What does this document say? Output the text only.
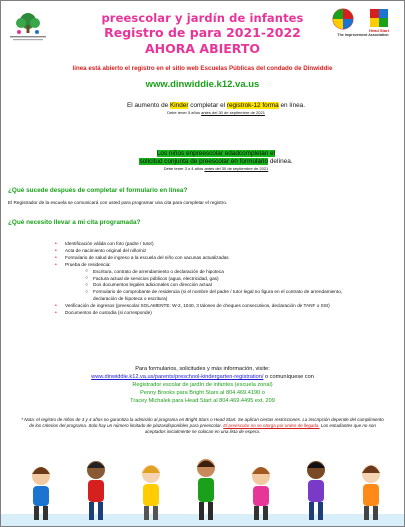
Head Start
The Improvement Association
preescolar y jardín de infantes
Registro de para 2021-2022
AHORA ABIERTO
línea está abierto el registro en el sitio web Escuelas Públicas del condado de Dinwiddie
www.dinwiddie.k12.va.us
El aumento de Kinder completar el registrok-12 forma en línea.
Debe tener 5 años antes del 30 de septiembre de 2021
Los niños enpreescolar edadcompletan el
solicitud conjunta de preescolar en formulario delínea.
Debe tener 3 o 4 años antes del 30 de septiembre de 2021
¿Qué sucede después de completar el formulario en línea?
El Registrador de la escuela se comunicará con usted para programar una cita para completar el registro.
¿Qué necesito llevar a mi cita programada?
• Identificación válida con foto (padre / tutor)
• Acta de nacimiento original del niño/niz
• Formulario de salud de ingreso a la escuela del niño con vacunas actualizadas
• Prueba de residencia:
○ Escritura, contrato de arrendamiento o declaración de hipoteca
○ Factura actual de servicios públicos (agua, electricidad, gas)
○ Dos documentos legales adicionales con dirección actual
○ Formulario de comprobante de residencia (si el nombre del padre / tutor legal no figura en el contrato de arrendamiento, declaración de hipoteca o escritura)
• Verificación de ingresos (preescolar SOLAMENTE: W-2, 1040, 3 talones de cheques consecutivos, declaración de TANF o SSI)
• Documentos de custodia (si corresponde)
Para formularios, solicitudes y más información, visite:
www.dinwiddie.k12.va.us/parents/preschool-kindergarten-registration/ o comuníquese con
Registrador escolar de jardín de infantes (escuela zonal)
Penny Brooks para Bright Stars al 804.469.4190 o
Tracey Michalek para Head Start al 804.469.4495 ext. 209
* Nota: el registro de niños de 3 y 4 años no garantiza la admisión al programa en Bright Stars o Head Start. Se aplican ciertas restricciones. La inscripción depende del cumplimiento de los criterios del programa. Solo hay un número limitado de plazasdisponibles para preescolar. El preescolar no se otorga por orden de llegada. Los estudiantes que no son aceptados inicialmente se colocan en una lista de espera.
